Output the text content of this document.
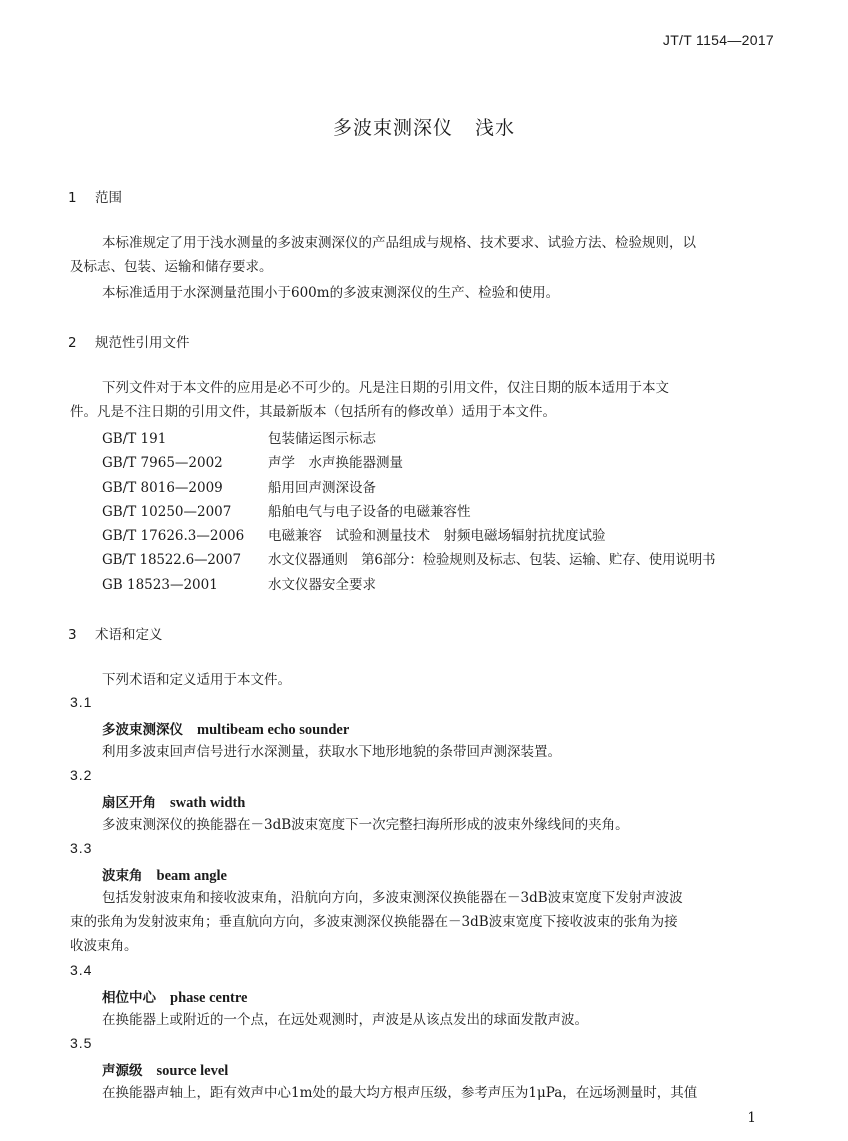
JT/T 1154—2017
多波束测深仪 浅水
1 范围
本标准规定了用于浅水测量的多波束测深仪的产品组成与规格、技术要求、试验方法、检验规则，以
及标志、包装、运输和储存要求。
本标准适用于水深测量范围小于600m的多波束测深仪的生产、检验和使用。
2 规范性引用文件
下列文件对于本文件的应用是必不可少的。凡是注日期的引用文件，仅注日期的版本适用于本文
件。凡是不注日期的引用文件，其最新版本（包括所有的修改单）适用于本文件。
GB/T 191	包装储运图示标志
GB/T 7965—2002	声学　水声换能器测量
GB/T 8016—2009	船用回声测深设备
GB/T 10250—2007	船舶电气与电子设备的电磁兼容性
GB/T 17626.3—2006 电磁兼容　试验和测量技术　射频电磁场辐射抗扰度试验
GB/T 18522.6—2007 水文仪器通则　第6部分：检验规则及标志、包装、运输、贮存、使用说明书
GB 18523—2001	水文仪器安全要求
3 术语和定义
下列术语和定义适用于本文件。
3.1
多波束测深仪 multibeam echo sounder
利用多波束回声信号进行水深测量，获取水下地形地貌的条带回声测深装置。
3.2
扇区开角 swath width
多波束测深仪的换能器在－3dB波束宽度下一次完整扫海所形成的波束外缘线间的夹角。
3.3
波束角 beam angle
包括发射波束角和接收波束角，沿航向方向，多波束测深仪换能器在－3dB波束宽度下发射声波波
束的张角为发射波束角；垂直航向方向，多波束测深仪换能器在－3dB波束宽度下接收波束的张角为接
收波束角。
3.4
相位中心 phase centre
在换能器上或附近的一个点，在远处观测时，声波是从该点发出的球面发散声波。
3.5
声源级 source level
在换能器声轴上，距有效声中心1m处的最大均方根声压级，参考声压为1μPa，在远场测量时，其值
1
